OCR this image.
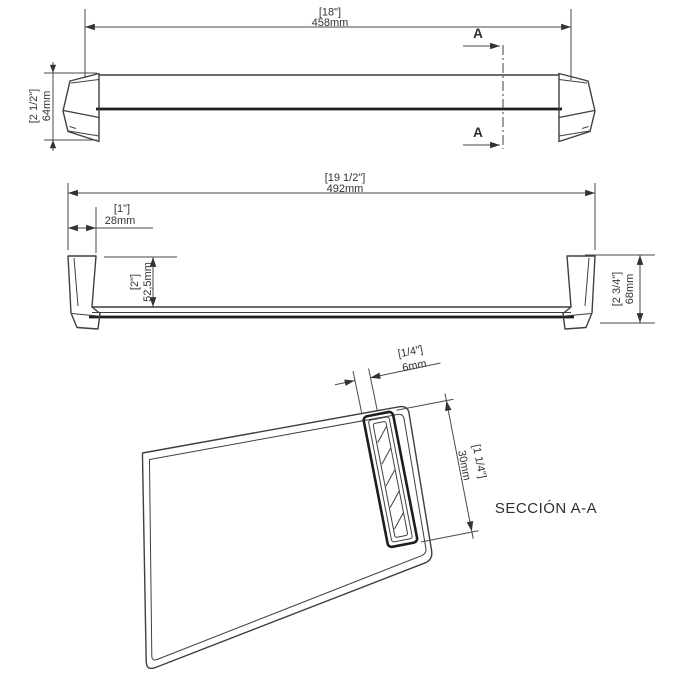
[18"]
458mm
[2 1/2"] 64mm
A
A
[19 1/2"]
492mm
[1"]
28mm
[2"] 52,5mm	[2 3/4"] 68mm
[1/4"]
6mm
[1 1/4"]
30mm
SECCIÓN A-A
